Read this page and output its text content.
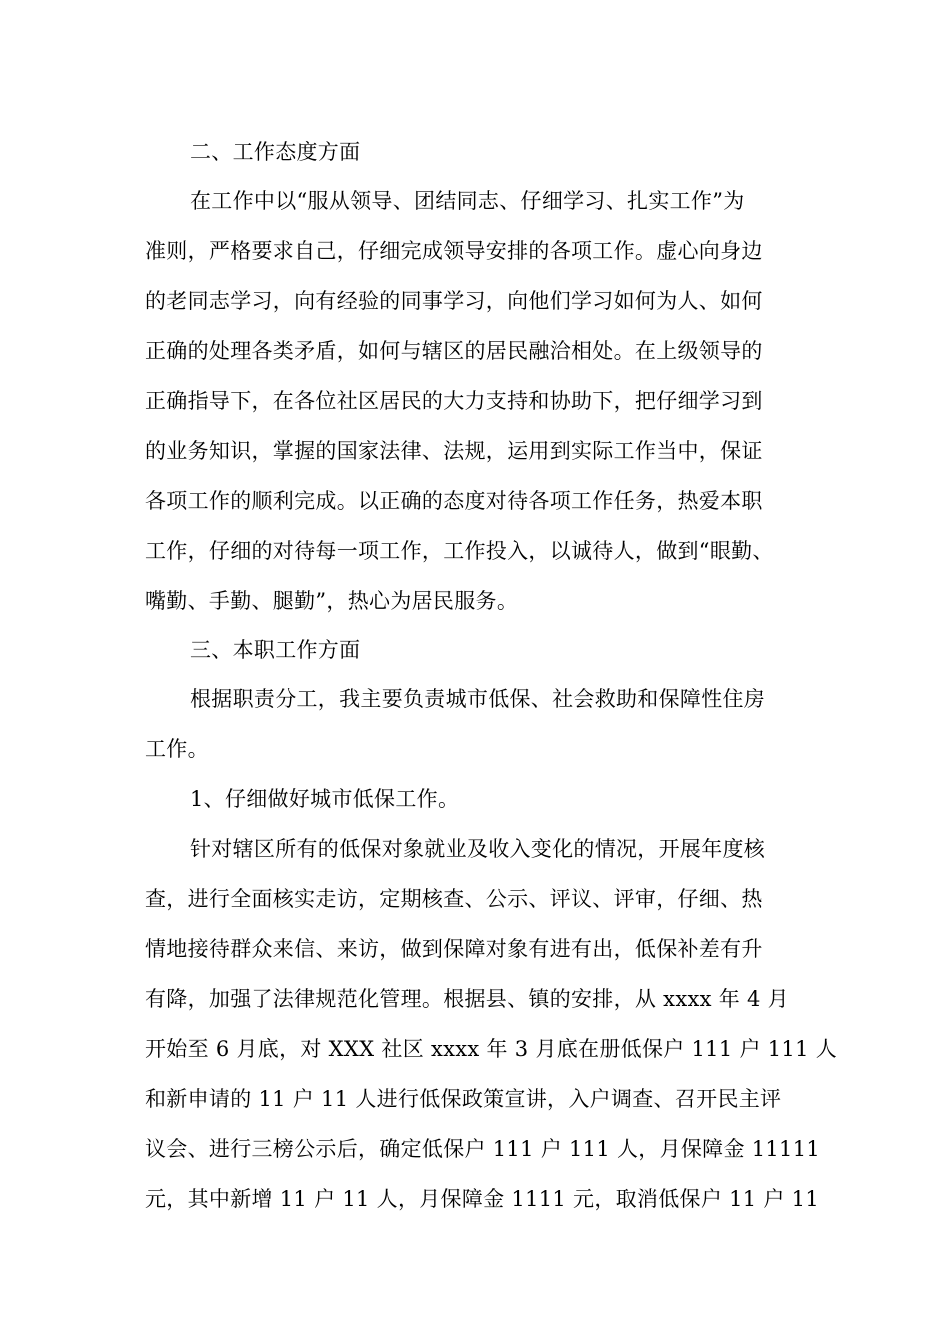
二、工作态度方面
在工作中以“服从领导、团结同志、仔细学习、扎实工作”为
准则，严格要求自己，仔细完成领导安排的各项工作。虚心向身边
的老同志学习，向有经验的同事学习，向他们学习如何为人、如何
正确的处理各类矛盾，如何与辖区的居民融洽相处。在上级领导的
正确指导下，在各位社区居民的大力支持和协助下，把仔细学习到
的业务知识，掌握的国家法律、法规，运用到实际工作当中，保证
各项工作的顺利完成。以正确的态度对待各项工作任务，热爱本职
工作，仔细的对待每一项工作，工作投入，以诚待人，做到“眼勤、
嘴勤、手勤、腿勤”，热心为居民服务。
三、本职工作方面
根据职责分工，我主要负责城市低保、社会救助和保障性住房
工作。
1、仔细做好城市低保工作。
针对辖区所有的低保对象就业及收入变化的情况，开展年度核
查，进行全面核实走访，定期核查、公示、评议、评审，仔细、热
情地接待群众来信、来访，做到保障对象有进有出，低保补差有升
有降，加强了法律规范化管理。根据县、镇的安排，从 xxxx 年 4 月
开始至 6 月底，对 XXX 社区 xxxx 年 3 月底在册低保户 111 户 111 人
和新申请的 11 户 11 人进行低保政策宣讲，入户调查、召开民主评
议会、进行三榜公示后，确定低保户 111 户 111 人，月保障金 11111
元，其中新增 11 户 11 人，月保障金 1111 元，取消低保户 11 户 11
